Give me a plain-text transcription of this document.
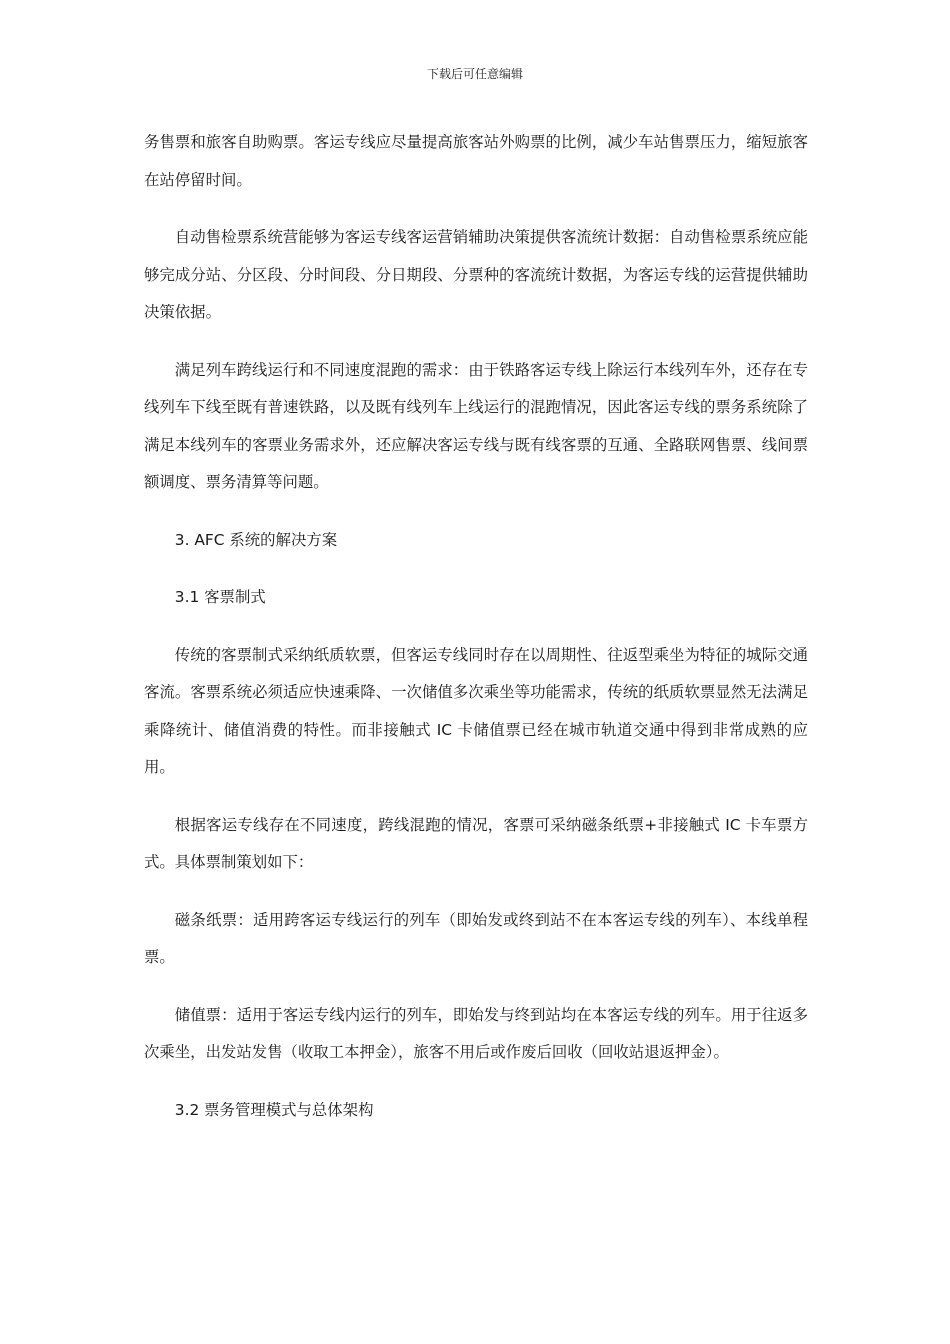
下载后可任意编辑

务售票和旅客自助购票。客运专线应尽量提高旅客站外购票的比例，减少车站售票压力，缩短旅客在站停留时间。

自动售检票系统营能够为客运专线客运营销辅助决策提供客流统计数据：自动售检票系统应能够完成分站、分区段、分时间段、分日期段、分票种的客流统计数据，为客运专线的运营提供辅助决策依据。

满足列车跨线运行和不同速度混跑的需求：由于铁路客运专线上除运行本线列车外，还存在专线列车下线至既有普速铁路，以及既有线列车上线运行的混跑情况，因此客运专线的票务系统除了满足本线列车的客票业务需求外，还应解决客运专线与既有线客票的互通、全路联网售票、线间票额调度、票务清算等问题。

3. AFC 系统的解决方案

3.1 客票制式

传统的客票制式采纳纸质软票，但客运专线同时存在以周期性、往返型乘坐为特征的城际交通客流。客票系统必须适应快速乘降、一次储值多次乘坐等功能需求，传统的纸质软票显然无法满足乘降统计、储值消费的特性。而非接触式 IC 卡储值票已经在城市轨道交通中得到非常成熟的应用。

根据客运专线存在不同速度，跨线混跑的情况，客票可采纳磁条纸票+非接触式 IC 卡车票方式。具体票制策划如下：

磁条纸票：适用跨客运专线运行的列车（即始发或终到站不在本客运专线的列车）、本线单程票。

储值票：适用于客运专线内运行的列车，即始发与终到站均在本客运专线的列车。用于往返多次乘坐，出发站发售（收取工本押金），旅客不用后或作废后回收（回收站退返押金）。

3.2 票务管理模式与总体架构
